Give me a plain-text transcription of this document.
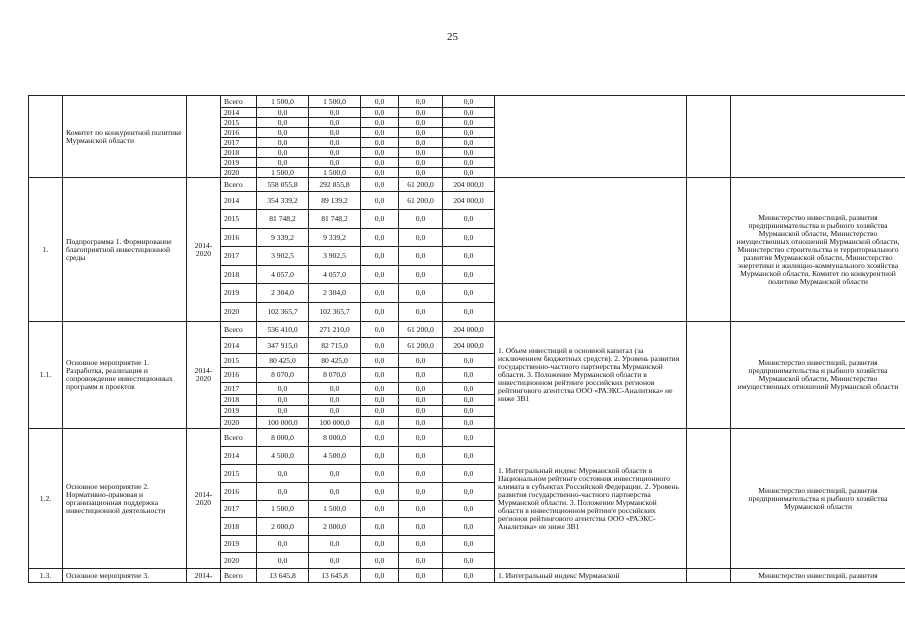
25
	Комитет по конкурентной политике Мурманской области		Всего	1 500,0	1 500,0	0,0	0,0	0,0			
			2014	0,0	0,0	0,0	0,0	0,0			
			2015	0,0	0,0	0,0	0,0	0,0			
			2016	0,0	0,0	0,0	0,0	0,0			
			2017	0,0	0,0	0,0	0,0	0,0			
			2018	0,0	0,0	0,0	0,0	0,0			
			2019	0,0	0,0	0,0	0,0	0,0			
			2020	1 500,0	1 500,0	0,0	0,0	0,0			
1.	Подпрограмма 1. Формирование благоприятной инвестиционной среды	2014-2020	Всего	558 055,8	292 855,8	0,0	61 200,0	204 000,0			Министерство инвестиций, развития предпринимательства и рыбного хозяйства Мурманской области, Министерство имущественных отношений Мурманской области, Министерство строительства и территориального развития Мурманской области, Министерство энергетики и жилищно-коммунального хозяйства Мурманской области, Комитет по конкурентной политике Мурманской области
			2014	354 339,2	89 139,2	0,0	61 200,0	204 000,0			
			2015	81 748,2	81 748,2	0,0	0,0	0,0			
			2016	9 339,2	9 339,2	0,0	0,0	0,0			
			2017	3 902,5	3 902,5	0,0	0,0	0,0			
			2018	4 057,0	4 057,0	0,0	0,0	0,0			
			2019	2 304,0	2 304,0	0,0	0,0	0,0			
			2020	102 365,7	102 365,7	0,0	0,0	0,0			
1.1.	Основное мероприятие 1. Разработка, реализация и сопровождение инвестиционных программ и проектов	2014-2020	Всего	536 410,0	271 210,0	0,0	61 200,0	204 000,0	1. Объем инвестиций в основной капитал (за исключением бюджетных средств). 2. Уровень развития государственно-частного партнерства Мурманской области. 3. Положение Мурманской области в инвестиционном рейтинге российских регионов рейтингового агентства ООО «РАЭКС-Аналитика» не ниже 3В1		Министерство инвестиций, развития предпринимательства и рыбного хозяйства Мурманской области, Министерство имущественных отношений Мурманской области
			2014	347 915,0	82 715,0	0,0	61 200,0	204 000,0			
			2015	80 425,0	80 425,0	0,0	0,0	0,0			
			2016	8 070,0	8 070,0	0,0	0,0	0,0			
			2017	0,0	0,0	0,0	0,0	0,0			
			2018	0,0	0,0	0,0	0,0	0,0			
			2019	0,0	0,0	0,0	0,0	0,0			
			2020	100 000,0	100 000,0	0,0	0,0	0,0			
1.2.	Основное мероприятие 2. Нормативно-правовая и организационная поддержка инвестиционной деятельности	2014-2020	Всего	8 000,0	8 000,0	0,0	0,0	0,0	1. Интегральный индекс Мурманской области в Национальном рейтинге состояния инвестиционного климата в субъектах Российской Федерации. 2. Уровень развития государственно-частного партнерства Мурманской области. 3. Положение Мурманской области в инвестиционном рейтинге российских регионов рейтингового агентства ООО «РАЭКС-Аналитика» не ниже 3В1		Министерство инвестиций, развития предпринимательства и рыбного хозяйства Мурманской области
			2014	4 500,0	4 500,0	0,0	0,0	0,0			
			2015	0,0	0,0	0,0	0,0	0,0			
			2016	0,0	0,0	0,0	0,0	0,0			
			2017	1 500,0	1 500,0	0,0	0,0	0,0			
			2018	2 000,0	2 000,0	0,0	0,0	0,0			
			2019	0,0	0,0	0,0	0,0	0,0			
			2020	0,0	0,0	0,0	0,0	0,0			
1.3.	Основное мероприятие 3.	2014-	Всего	13 645,8	13 645,8	0,0	0,0	0,0	1. Интегральный индекс Мурманской		Министерство инвестиций, развития
